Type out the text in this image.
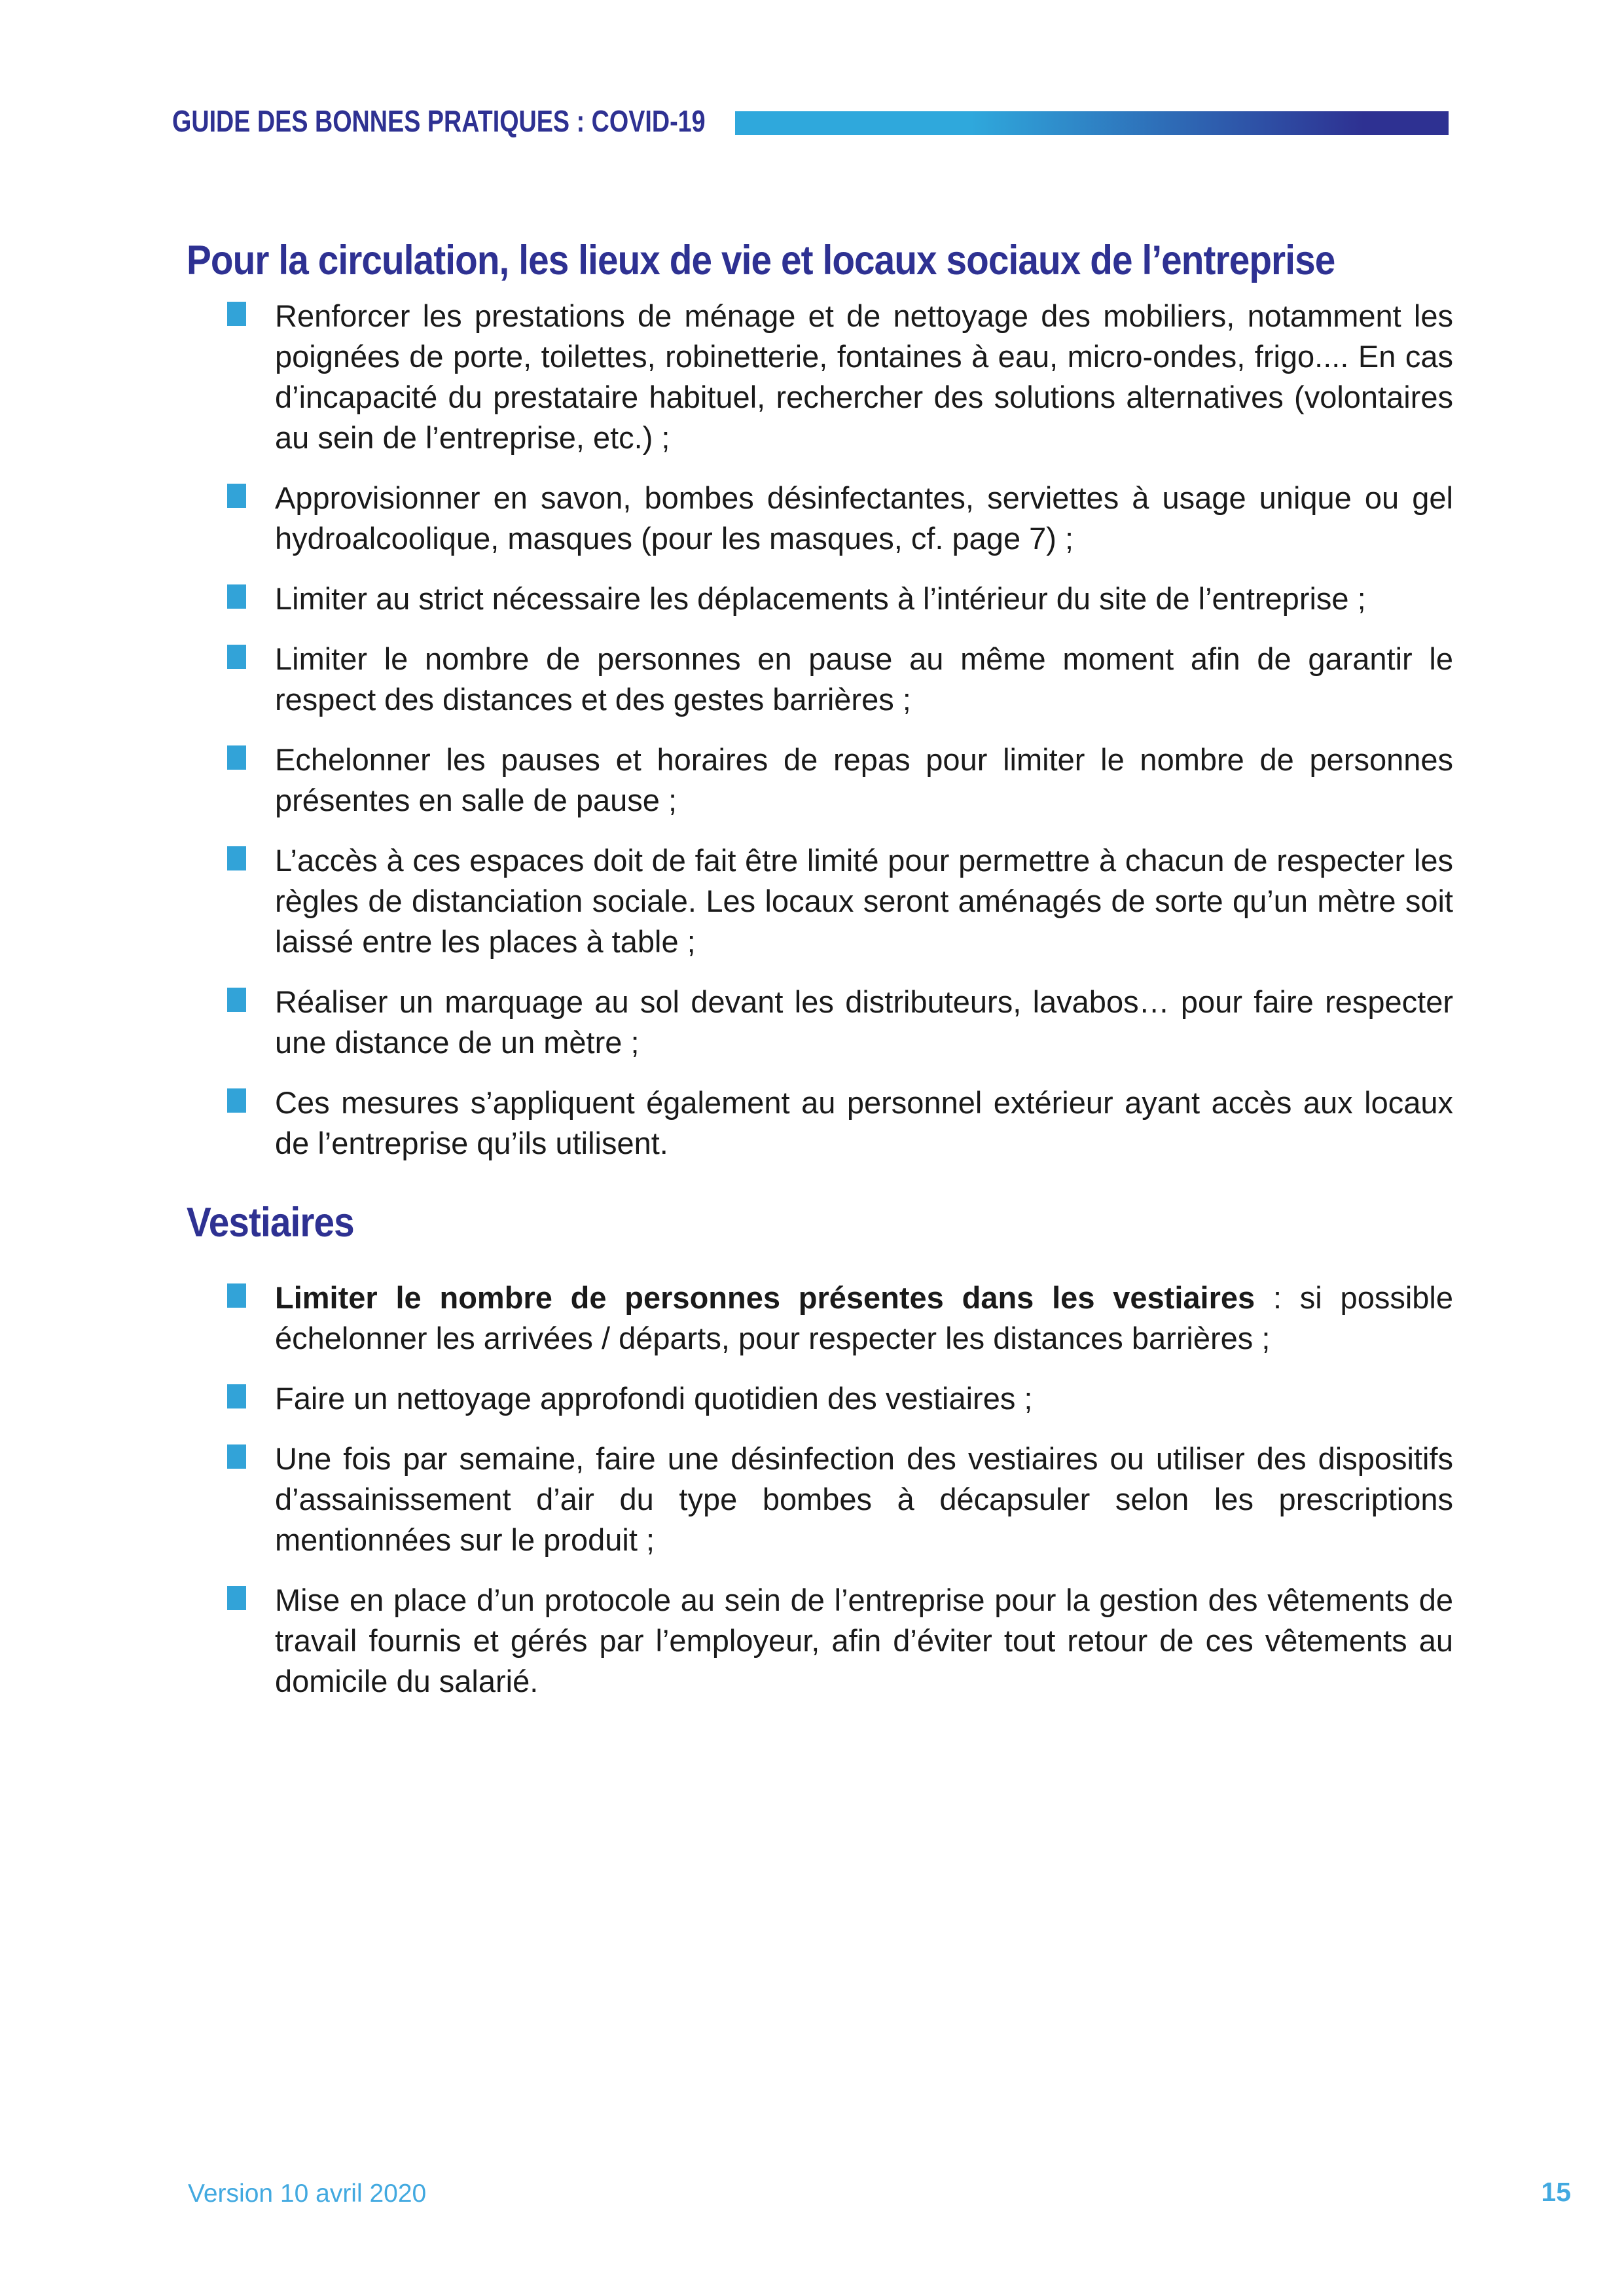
GUIDE DES BONNES PRATIQUES : COVID-19
Pour la circulation, les lieux de vie et locaux sociaux de l’entreprise
Renforcer les prestations de ménage et de nettoyage des mobiliers, notamment les poignées de porte, toilettes, robinetterie, fontaines à eau, micro-ondes, frigo.... En cas d’incapacité du prestataire habituel, rechercher des solutions alternatives (volontaires au sein de l’entreprise, etc.) ;
Approvisionner en savon, bombes désinfectantes, serviettes à usage unique ou gel hydroalcoolique, masques (pour les masques, cf. page 7) ;
Limiter au strict nécessaire les déplacements à l’intérieur du site de l’entreprise ;
Limiter le nombre de personnes en pause au même moment afin de garantir le respect des distances et des gestes barrières ;
Echelonner les pauses et horaires de repas pour limiter le nombre de personnes présentes en salle de pause ;
L’accès à ces espaces doit de fait être limité pour permettre à chacun de respecter les règles de distanciation sociale. Les locaux seront aménagés de sorte qu’un mètre soit laissé entre les places à table ;
Réaliser un marquage au sol devant les distributeurs, lavabos… pour faire respecter une distance de un mètre ;
Ces mesures s’appliquent également au personnel extérieur ayant accès aux locaux de l’entreprise qu’ils utilisent.
Vestiaires
Limiter le nombre de personnes présentes dans les vestiaires : si possible échelonner les arrivées / départs, pour respecter les distances barrières ;
Faire un nettoyage approfondi quotidien des vestiaires ;
Une fois par semaine, faire une désinfection des vestiaires ou utiliser des dispositifs d’assainissement d’air du type bombes à décapsuler selon les prescriptions mentionnées sur le produit ;
Mise en place d’un protocole au sein de l’entreprise pour la gestion des vêtements de travail fournis et gérés par l’employeur, afin d’éviter tout retour de ces vêtements au domicile du salarié.
Version 10 avril 2020	15
